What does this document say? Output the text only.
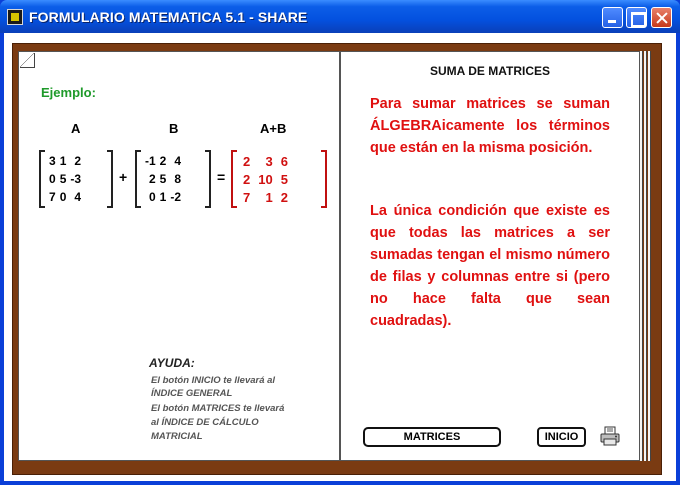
FORMULARIO MATEMATICA 5.1 - SHARE
Ejemplo:
A	B	A+B
3	1	2
0	5	-3
7	0	4
+
-1	2	4
2	5	8
0	1	-2
=
2	3	6
2	10	5
7	1	2
AYUDA:
El botón INICIO te llevará al
ÍNDICE GENERAL
El botón MATRICES te llevará
al ÍNDICE DE CÁLCULO
MATRICIAL
SUMA DE MATRICES
Para sumar matrices se suman ÁLGEBRAicamente los términos que están en la misma posición.
La única condición que existe es que todas las matrices a ser sumadas tengan el mismo número de filas y columnas entre si (pero no hace falta que sean cuadradas).
MATRICES	INICIO
